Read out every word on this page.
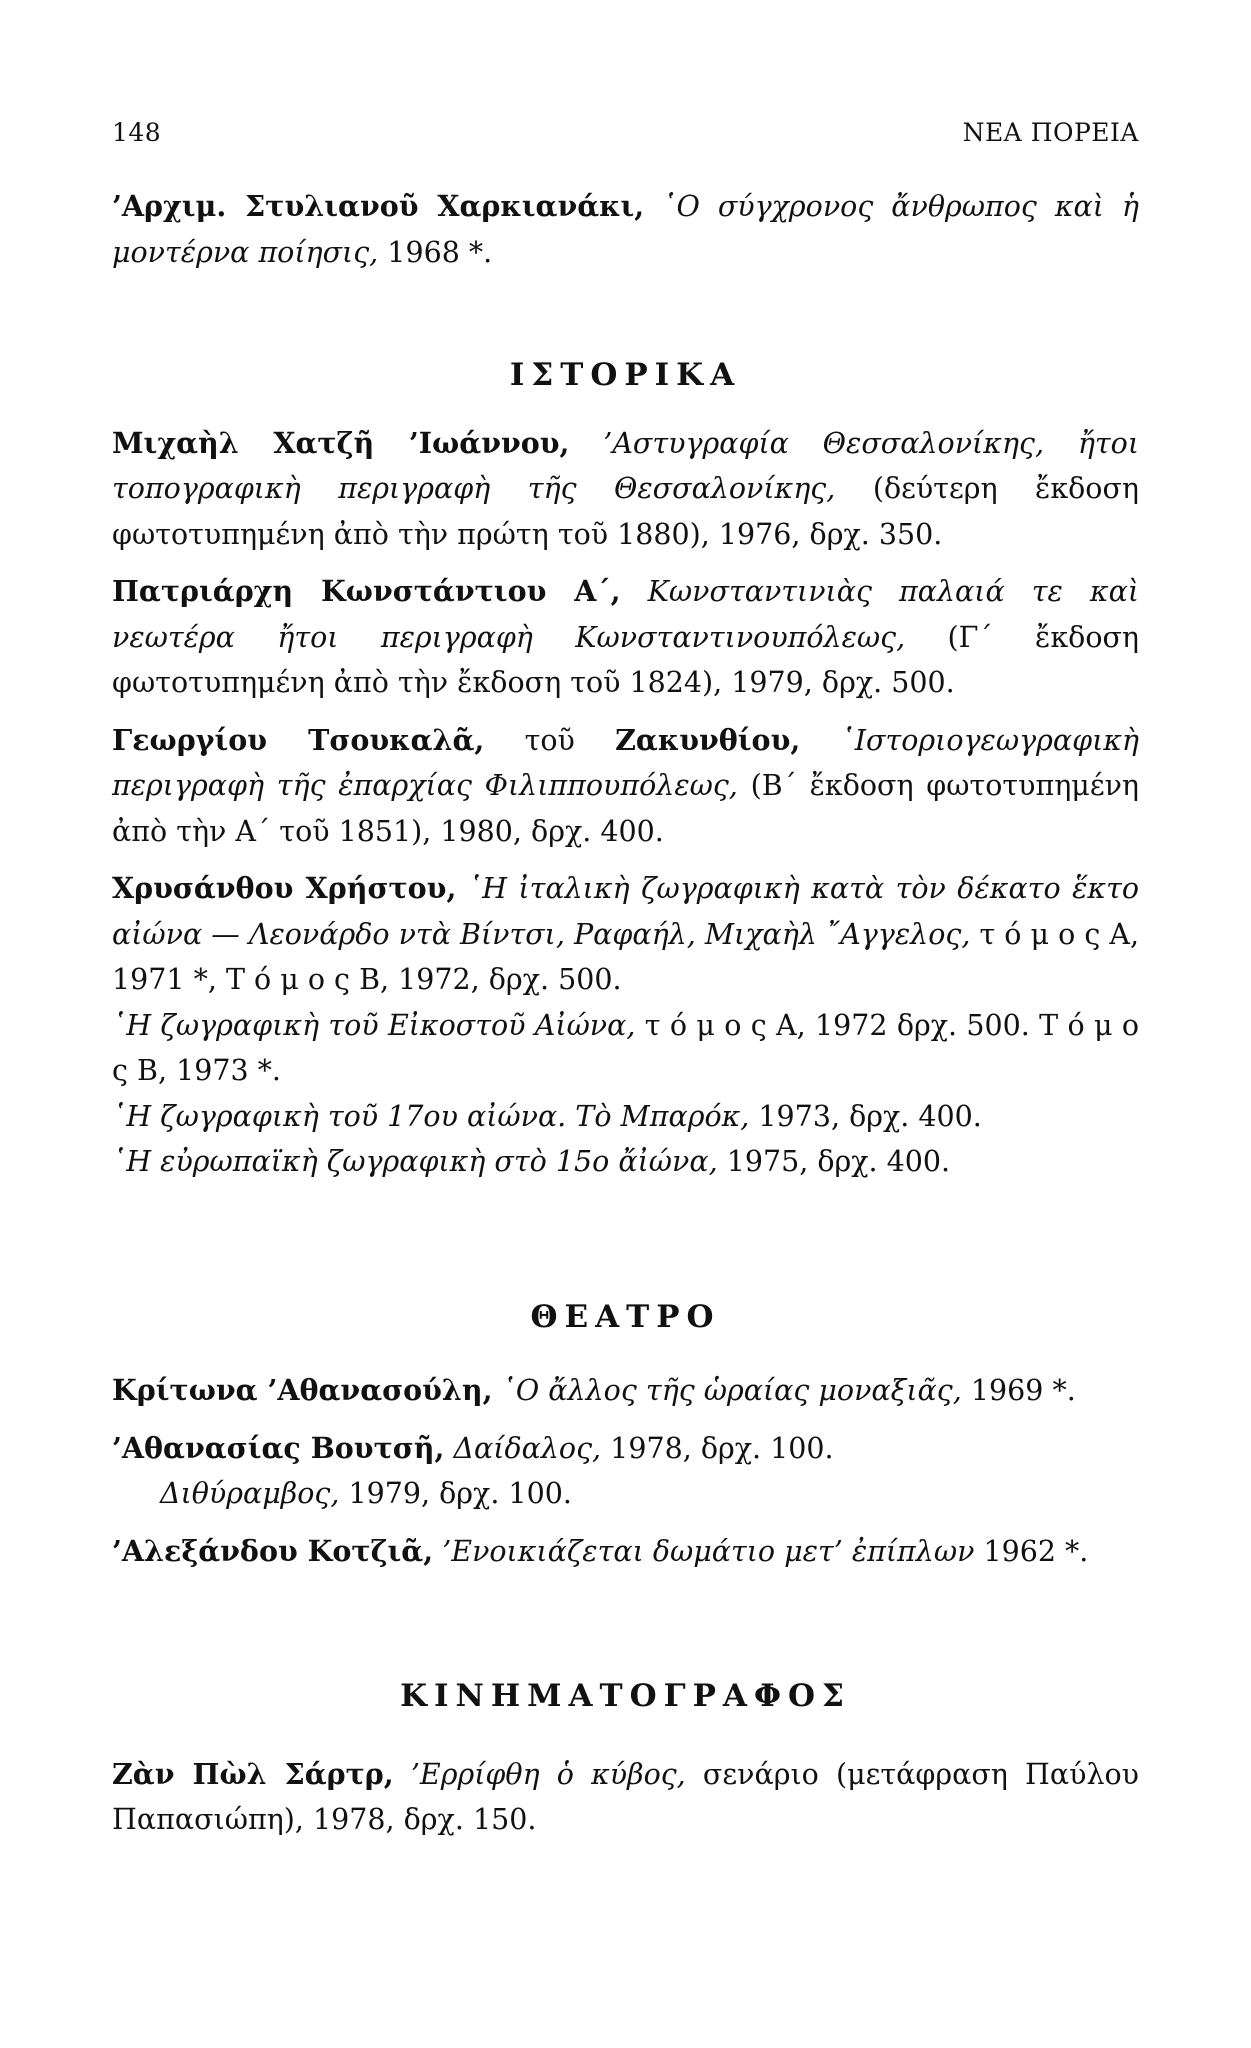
148	ΝΕΑ ΠΟΡΕΙΑ

’Αρχιμ. Στυλιανοῦ Χαρκιανάκι, ῾Ο σύγχρονος ἄνθρωπος καὶ ἡ μοντέρνα ποίησις, 1968 *.

ΙΣΤΟΡΙΚΑ

Μιχαὴλ Χατζῆ ’Ιωάννου, ’Αστυγραφία Θεσσαλονίκης, ἤτοι τοπογραφικὴ περιγραφὴ τῆς Θεσσαλονίκης, (δεύτερη ἔκδοση φωτοτυπημένη ἀπὸ τὴν πρώτη τοῦ 1880), 1976, δρχ. 350.

Πατριάρχη Κωνστάντιου Α΄, Κωνσταντινιὰς παλαιά τε καὶ νεωτέρα ἤτοι περιγραφὴ Κωνσταντινουπόλεως, (Γ΄ ἔκδοση φωτοτυπημένη ἀπὸ τὴν ἔκδοση τοῦ 1824), 1979, δρχ. 500.

Γεωργίου Τσουκαλᾶ, τοῦ Ζακυνθίου, ῾Ιστοριογεωγραφικὴ περιγραφὴ τῆς ἐπαρχίας Φιλιππουπόλεως, (Β΄ ἔκδοση φωτοτυπημένη ἀπὸ τὴν Α΄ τοῦ 1851), 1980, δρχ. 400.

Χρυσάνθου Χρήστου, ῾Η ἰταλικὴ ζωγραφικὴ κατὰ τὸν δέκατο ἕκτο αἰώνα — Λεονάρδο ντὰ Βίντσι, Ραφαήλ, Μιχαὴλ ῎Αγγελος, τ ό μ ο ς Α, 1971 *, Τ ό μ ο ς Β, 1972, δρχ. 500.

῾Η ζωγραφικὴ τοῦ Εἰκοστοῦ Αἰώνα, τ ό μ ο ς Α, 1972 δρχ. 500. Τ ό μ ο ς Β, 1973 *.

῾Η ζωγραφικὴ τοῦ 17ου αἰώνα. Τὸ Μπαρόκ, 1973, δρχ. 400.

῾Η εὐρωπαϊκὴ ζωγραφικὴ στὸ 15ο ἄἰώνα, 1975, δρχ. 400.

ΘΕΑΤΡΟ

Κρίτωνα ’Αθανασούλη, ῾Ο ἄλλος τῆς ὡραίας μοναξιᾶς, 1969 *.

’Αθανασίας Βουτσῆ, Δαίδαλος, 1978, δρχ. 100.

Διθύραμβος, 1979, δρχ. 100.

’Αλεξάνδου Κοτζιᾶ, ’Ενοικιάζεται δωμάτιο μετ’ ἐπίπλων 1962 *.

ΚΙΝΗΜΑΤΟΓΡΑΦΟΣ

Ζὰν Πὼλ Σάρτρ, ’Ερρίφθη ὁ κύβος, σενάριο (μετάφραση Παύλου Παπασιώπη), 1978, δρχ. 150.
